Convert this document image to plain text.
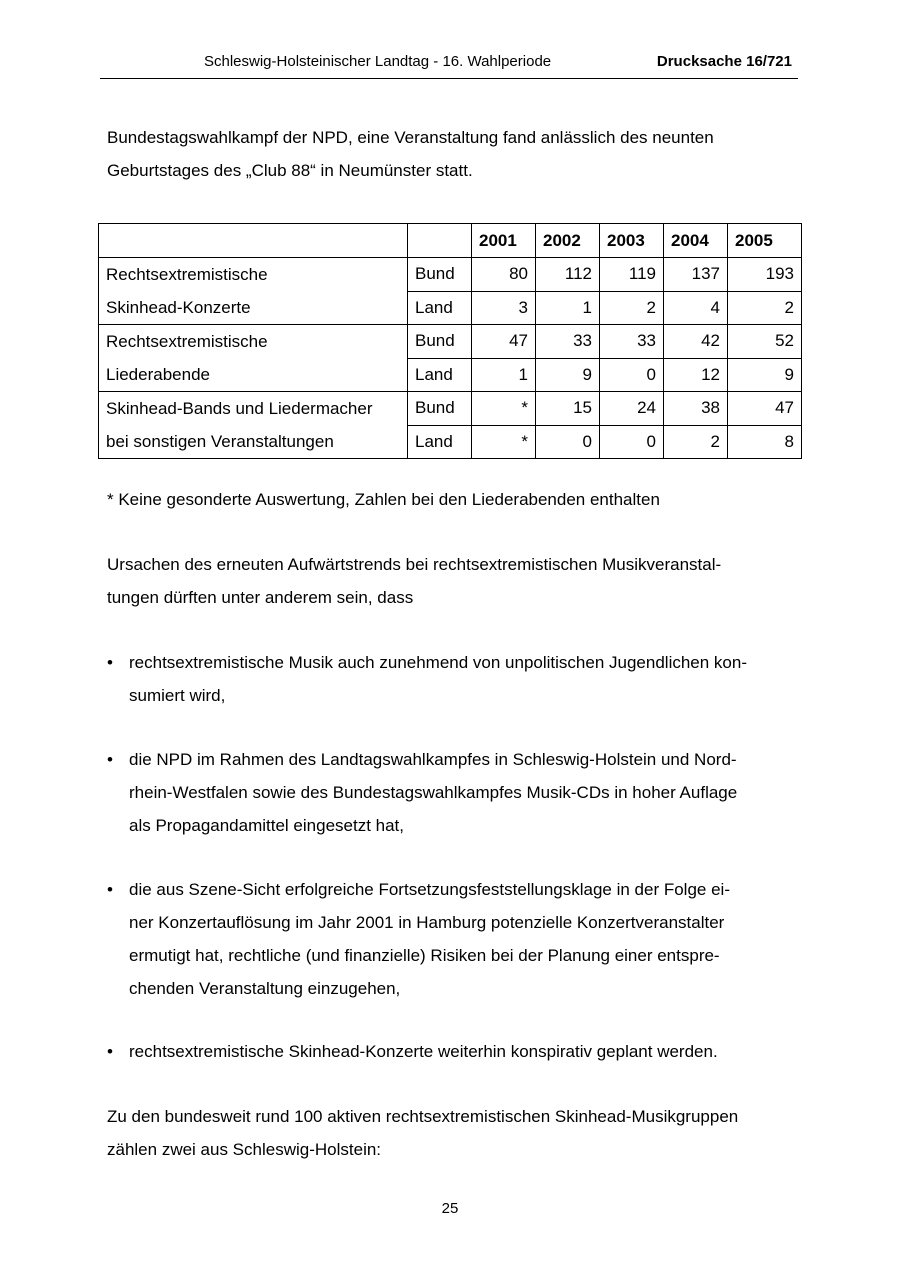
Schleswig-Holsteinischer Landtag - 16. Wahlperiode	Drucksache 16/721
Bundestagswahlkampf der NPD, eine Veranstaltung fand anlässlich des neunten
Geburtstages des „Club 88“ in Neumünster statt.
		2001	2002	2003	2004	2005

Rechtsextremistische
Skinhead-Konzerte	Bund	80	112	119	137	193
	Land	3	1	2	4	2

Rechtsextremistische
Liederabende	Bund	47	33	33	42	52
	Land	1	9	0	12	9

Skinhead-Bands und Liedermacher
bei sonstigen Veranstaltungen	Bund	*	15	24	38	47
	Land	*	0	0	2	8
* Keine gesonderte Auswertung, Zahlen bei den Liederabenden enthalten
Ursachen des erneuten Aufwärtstrends bei rechtsextremistischen Musikveranstal-
tungen dürften unter anderem sein, dass
• rechtsextremistische Musik auch zunehmend von unpolitischen Jugendlichen kon-
sumiert wird,
• die NPD im Rahmen des Landtagswahlkampfes in Schleswig-Holstein und Nord-
rhein-Westfalen sowie des Bundestagswahlkampfes Musik-CDs in hoher Auflage
als Propagandamittel eingesetzt hat,
• die aus Szene-Sicht erfolgreiche Fortsetzungsfeststellungsklage in der Folge ei-
ner Konzertauflösung im Jahr 2001 in Hamburg potenzielle Konzertveranstalter
ermutigt hat, rechtliche (und finanzielle) Risiken bei der Planung einer entspre-
chenden Veranstaltung einzugehen,
• rechtsextremistische Skinhead-Konzerte weiterhin konspirativ geplant werden.
Zu den bundesweit rund 100 aktiven rechtsextremistischen Skinhead-Musikgruppen
zählen zwei aus Schleswig-Holstein:
25
